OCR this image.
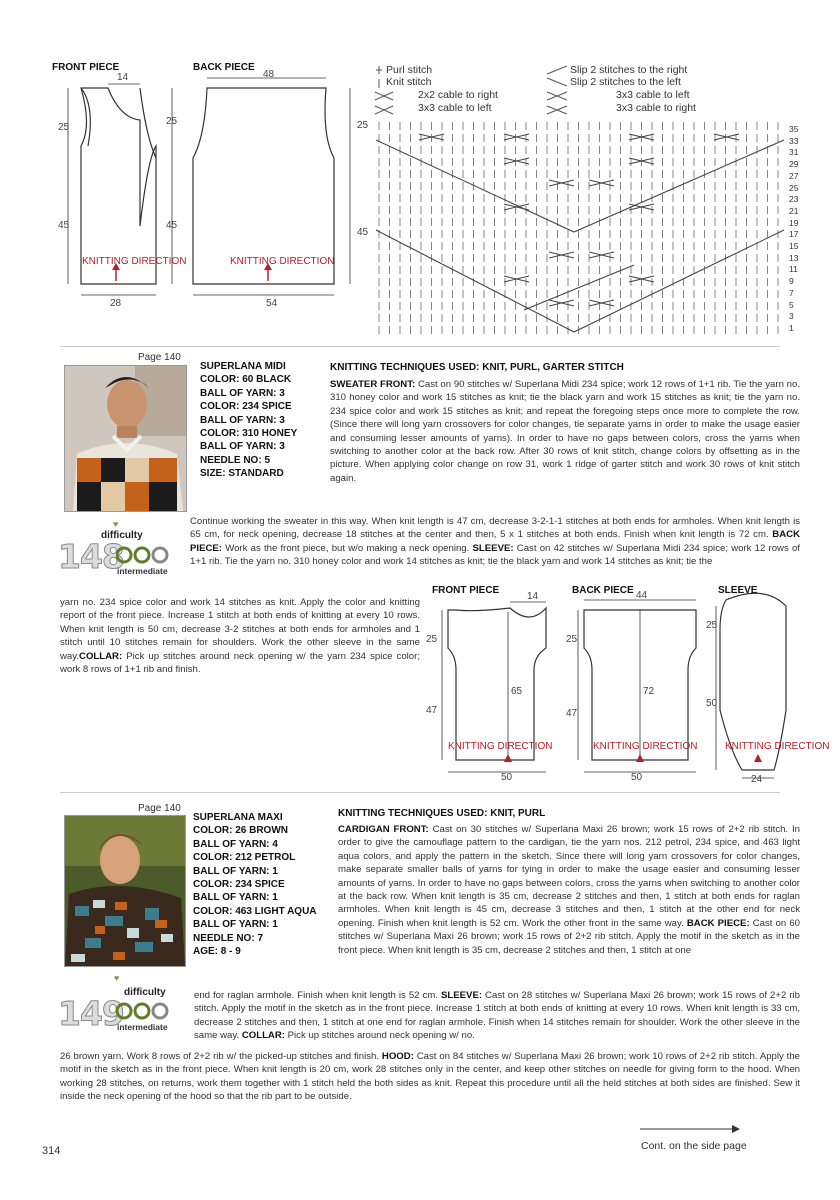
FRONT PIECE	BACK PIECE
14
25
25
45	45
28
48
25
45
54
KNITTING DIRECTION	KNITTING DIRECTION
Purl stitch
Knit stitch
2x2 cable to right
3x3 cable to left
Slip 2 stitches to the right
Slip 2 stitches to the left
3x3 cable to left
3x3 cable to right
35
33
31
29
27
25
23
21
19
17
15
13
11
9
7
5
3
1
Page 140
SUPERLANA MIDI
COLOR: 60 BLACK
BALL OF YARN: 3
COLOR: 234 SPICE
BALL OF YARN: 3
COLOR: 310 HONEY
BALL OF YARN: 3
NEEDLE NO: 5
SIZE: STANDARD
difficulty
148
intermediate
♥
KNITTING TECHNIQUES USED: KNIT, PURL, GARTER STITCH
SWEATER FRONT: Cast on 90 stitches w/ Superlana Midi 234 spice; work 12 rows of 1+1 rib. Tie the yarn no. 310 honey color and work 15 stitches as knit; tie the black yarn and work 15 stitches as knit; tie the yarn no. 234 spice color and work 15 stitches as knit; and repeat the foregoing steps once more to complete the row. (Since there will long yarn crossovers for color changes, tie separate yarns in order to make the usage easier and consuming lesser amounts of yarns). In order to have no gaps between colors, cross the yarns when switching to another color at the back row. After 30 rows of knit stitch, change colors by offsetting as in the picture. When applying color change on row 31, work 1 ridge of garter stitch and work 30 rows of knit stitch again.
Continue working the sweater in this way. When knit length is 47 cm, decrease 3-2-1-1 stitches at both ends for armholes. When knit length is 65 cm, for neck opening, decrease 18 stitches at the center and then, 5 x 1 stitches at both ends. Finish when knit length is 72 cm. BACK PIECE: Work as the front piece, but w/o making a neck opening. SLEEVE: Cast on 42 stitches w/ Superlana Midi 234 spice; work 12 rows of 1+1 rib. Tie the yarn no. 310 honey color and work 14 stitches as knit; tie the black yarn and work 14 stitches as knit; tie the
yarn no. 234 spice color and work 14 stitches as knit. Apply the color and knitting report of the front piece. Increase 1 stitch at both ends of knitting at every 10 rows. When knit length is 50 cm, decrease 3-2 stitches at both ends for armholes and 1 stitch until 10 stitches remain for shoulders. Work the other sleeve in the same way.COLLAR: Pick up stitches around neck opening w/ the yarn 234 spice color; work 8 rows of 1+1 rib and finish.
FRONT PIECE	BACK PIECE	SLEEVE
14
25
65
47
50
44
25
72
47
50
25
50
24
KNITTING DIRECTION	KNITTING DIRECTION	KNITTING DIRECTION
Page 140
SUPERLANA MAXI
COLOR: 26 BROWN
BALL OF YARN: 4
COLOR: 212 PETROL
BALL OF YARN: 1
COLOR: 234 SPICE
BALL OF YARN: 1
COLOR: 463 LIGHT AQUA
BALL OF YARN: 1
NEEDLE NO: 7
AGE: 8 - 9
difficulty
149
intermediate
♥
KNITTING TECHNIQUES USED: KNIT, PURL
CARDIGAN FRONT: Cast on 30 stitches w/ Superlana Maxi 26 brown; work 15 rows of 2+2 rib stitch. In order to give the camouflage pattern to the cardigan, tie the yarn nos. 212 petrol, 234 spice, and 463 light aqua colors, and apply the pattern in the sketch. Since there will long yarn crossovers for color changes, make separate smaller balls of yarns for tying in order to make the usage easier and consuming lesser amounts of yarns. In order to have no gaps between colors, cross the yarns when switching to another color at the back row. When knit length is 35 cm, decrease 2 stitches and then, 1 stitch at both ends for raglan armholes. When knit length is 45 cm, decrease 3 stitches and then, 1 stitch at the other end for neck opening. Finish when knit length is 52 cm. Work the other front in the same way. BACK PIECE: Cast on 60 stitches w/ Superlana Maxi 26 brown; work 15 rows of 2+2 rib stitch. Apply the motif in the sketch as in the front piece. When knit length is 35 cm, decrease 2 stitches and then, 1 stitch at one
end for raglan armhole. Finish when knit length is 52 cm. SLEEVE: Cast on 28 stitches w/ Superlana Maxi 26 brown; work 15 rows of 2+2 rib stitch. Apply the motif in the sketch as in the front piece. Increase 1 stitch at both ends of knitting at every 10 rows. When knit length is 33 cm, decrease 2 stitches and then, 1 stitch at one end for raglan armhole. Finish when 14 stitches remain for shoulder. Work the other sleeve in the same way. COLLAR: Pick up stitches around neck opening w/ no.
26 brown yarn. Work 8 rows of 2+2 rib w/ the picked-up stitches and finish. HOOD: Cast on 84 stitches w/ Superlana Maxi 26 brown; work 10 rows of 2+2 rib stitch. Apply the motif in the sketch as in the front piece. When knit length is 20 cm, work 28 stitches only in the center, and keep other stitches on needle for giving form to the hood. When working 28 stitches, on returns, work them together with 1 stitch held the both sides as knit. Repeat this procedure until all the held stitches at both sides are finished. Sew it inside the neck opening of the hood so that the rib part to be outside.
314	Cont. on the side page
